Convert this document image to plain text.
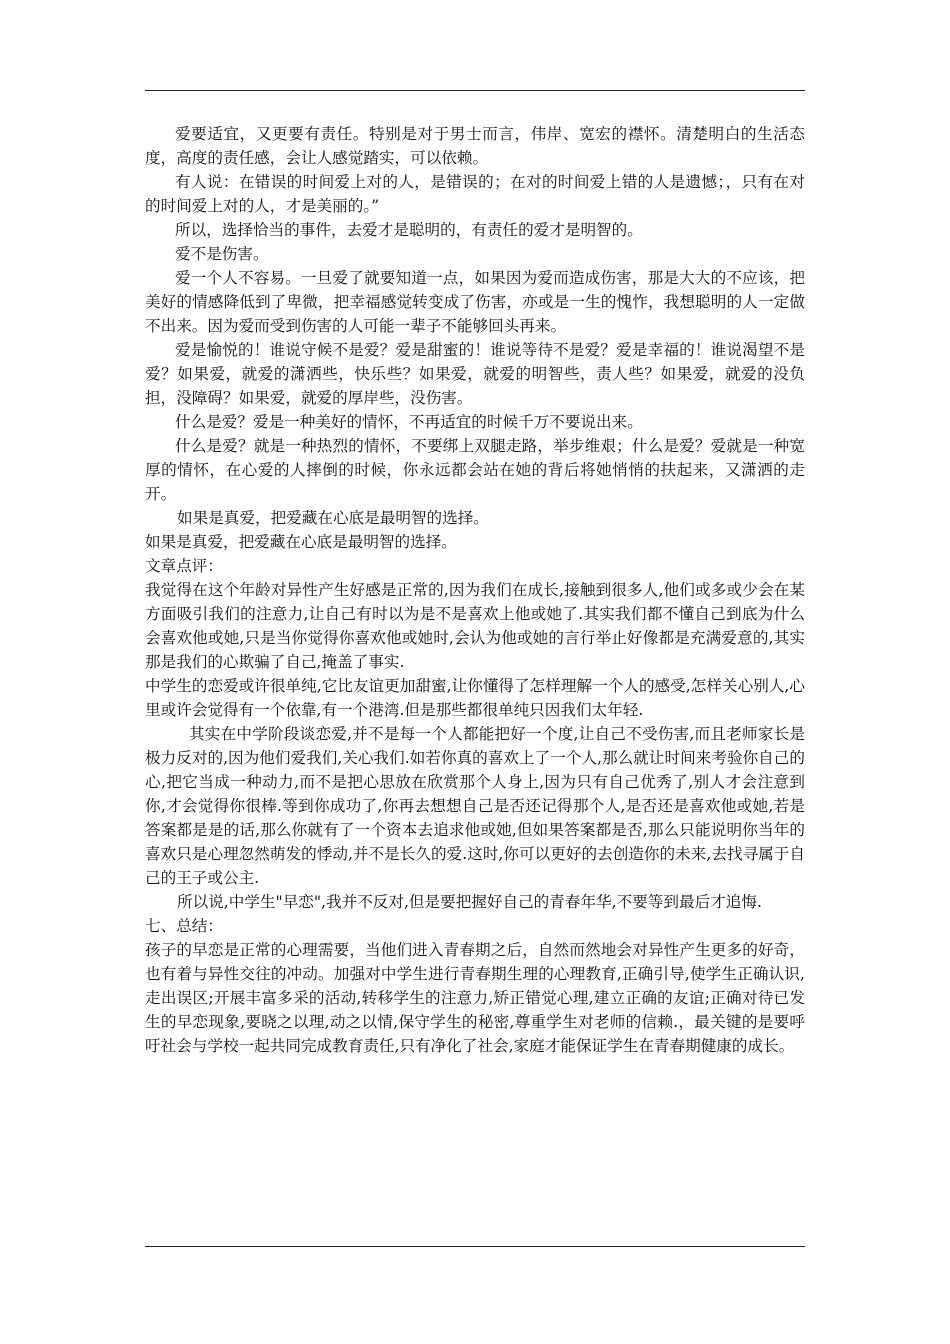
爱要适宜，又更要有责任。特别是对于男士而言，伟岸、宽宏的襟怀。清楚明白的生活态度，高度的责任感，会让人感觉踏实，可以依赖。

有人说：在错误的时间爱上对的人，是错误的；在对的时间爱上错的人是遗憾；，只有在对的时间爱上对的人，才是美丽的。”

所以，选择恰当的事件，去爱才是聪明的，有责任的爱才是明智的。

爱不是伤害。

爱一个人不容易。一旦爱了就要知道一点，如果因为爱而造成伤害，那是大大的不应该，把美好的情感降低到了卑微，把幸福感觉转变成了伤害，亦或是一生的愧怍，我想聪明的人一定做不出来。因为爱而受到伤害的人可能一辈子不能够回头再来。

爱是愉悦的！谁说守候不是爱？爱是甜蜜的！谁说等待不是爱？爱是幸福的！谁说渴望不是爱？如果爱，就爱的潇洒些，快乐些？如果爱，就爱的明智些，责人些？如果爱，就爱的没负担，没障碍？如果爱，就爱的厚岸些，没伤害。

什么是爱？爱是一种美好的情怀，不再适宜的时候千万不要说出来。

什么是爱？就是一种热烈的情怀，不要绑上双腿走路，举步维艰；什么是爱？爱就是一种宽厚的情怀，在心爱的人摔倒的时候，你永远都会站在她的背后将她悄悄的扶起来，又潇洒的走开。

如果是真爱，把爱藏在心底是最明智的选择。

如果是真爱，把爱藏在心底是最明智的选择。

文章点评：

我觉得在这个年龄对异性产生好感是正常的,因为我们在成长,接触到很多人,他们或多或少会在某方面吸引我们的注意力,让自己有时以为是不是喜欢上他或她了.其实我们都不懂自己到底为什么会喜欢他或她,只是当你觉得你喜欢他或她时,会认为他或她的言行举止好像都是充满爱意的,其实那是我们的心欺骗了自己,掩盖了事实.

中学生的恋爱或许很单纯,它比友谊更加甜蜜,让你懂得了怎样理解一个人的感受,怎样关心别人,心里或许会觉得有一个依靠,有一个港湾.但是那些都很单纯只因我们太年轻.

其实在中学阶段谈恋爱,并不是每一个人都能把好一个度,让自己不受伤害,而且老师家长是极力反对的,因为他们爱我们,关心我们.如若你真的喜欢上了一个人,那么就让时间来考验你自己的心,把它当成一种动力,而不是把心思放在欣赏那个人身上,因为只有自己优秀了,别人才会注意到你,才会觉得你很棒.等到你成功了,你再去想想自己是否还记得那个人,是否还是喜欢他或她,若是答案都是是的话,那么你就有了一个资本去追求他或她,但如果答案都是否,那么只能说明你当年的喜欢只是心理忽然萌发的悸动,并不是长久的爱.这时,你可以更好的去创造你的未来,去找寻属于自己的王子或公主.

所以说,中学生"早恋",我并不反对,但是要把握好自己的青春年华,不要等到最后才追悔.

七、总结：

孩子的早恋是正常的心理需要，当他们进入青春期之后，自然而然地会对异性产生更多的好奇，也有着与异性交往的冲动。加强对中学生进行青春期生理的心理教育,正确引导,使学生正确认识,走出误区;开展丰富多采的活动,转移学生的注意力,矫正错觉心理,建立正确的友谊;正确对待已发生的早恋现象,要晓之以理,动之以情,保守学生的秘密,尊重学生对老师的信赖.，最关键的是要呼吁社会与学校一起共同完成教育责任,只有净化了社会,家庭才能保证学生在青春期健康的成长。
